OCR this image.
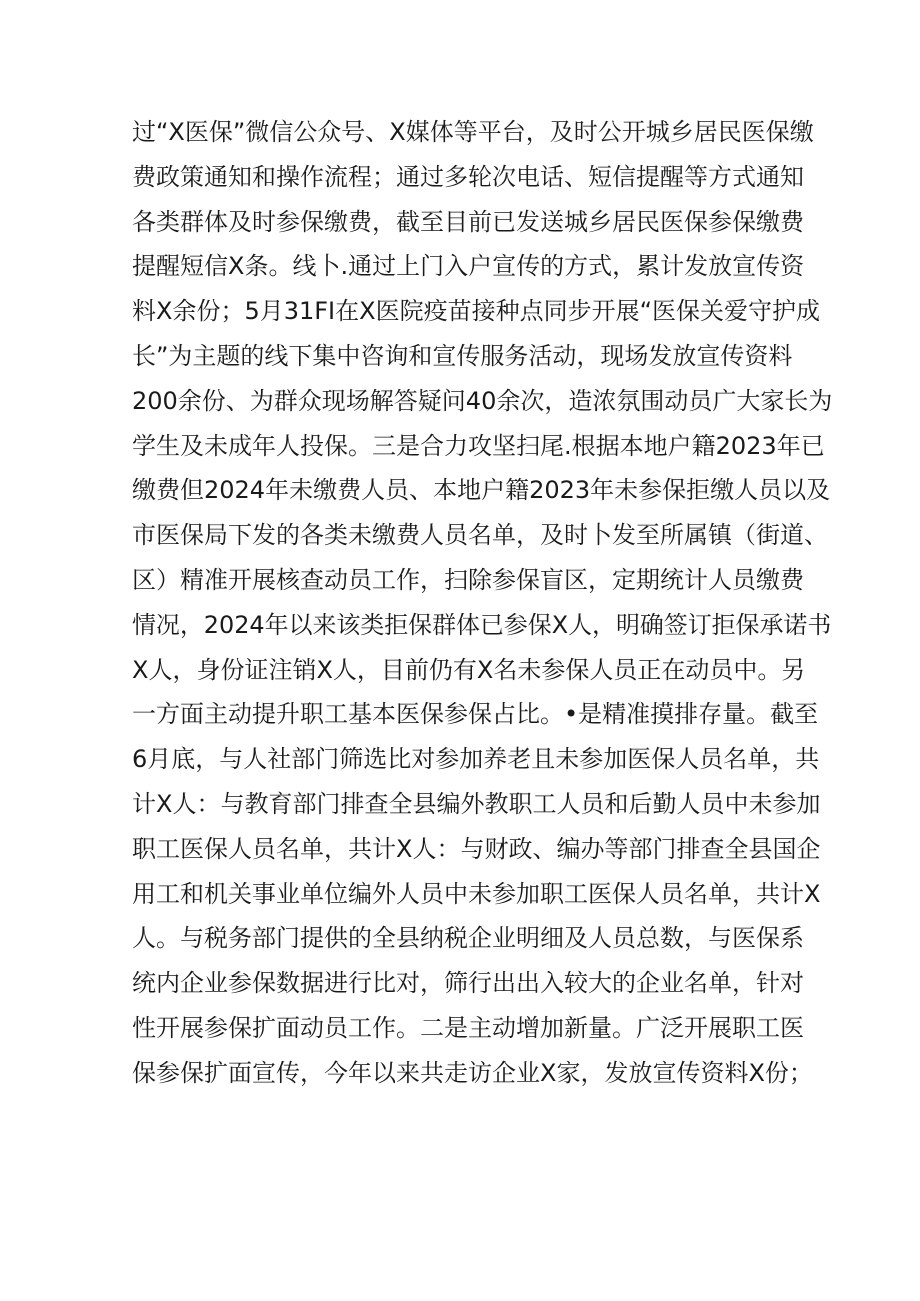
过“X医保”微信公众号、X媒体等平台，及时公开城乡居民医保缴
费政策通知和操作流程；通过多轮次电话、短信提醒等方式通知
各类群体及时参保缴费，截至目前已发送城乡居民医保参保缴费
提醒短信X条。线卜.通过上门入户宣传的方式，累计发放宣传资
料X余份；5月31FI在X医院疫苗接种点同步开展“医保关爱守护成
长”为主题的线下集中咨询和宣传服务活动，现场发放宣传资料
200余份、为群众现场解答疑问40余次，造浓氛围动员广大家长为
学生及未成年人投保。三是合力攻坚扫尾.根据本地户籍2023年已
缴费但2024年未缴费人员、本地户籍2023年未参保拒缴人员以及
市医保局下发的各类未缴费人员名单，及时卜发至所属镇（街道、
区）精准开展核查动员工作，扫除参保盲区，定期统计人员缴费
情况，2024年以来该类拒保群体已参保X人，明确签订拒保承诺书
X人，身份证注销X人，目前仍有X名未参保人员正在动员中。另
一方面主动提升职工基本医保参保占比。•是精准摸排存量。截至
6月底，与人社部门筛选比对参加养老且未参加医保人员名单，共
计X人：与教育部门排查全县编外教职工人员和后勤人员中未参加
职工医保人员名单，共计X人：与财政、编办等部门排查全县国企
用工和机关事业单位编外人员中未参加职工医保人员名单，共计X
人。与税务部门提供的全县纳税企业明细及人员总数，与医保系
统内企业参保数据进行比对，筛行出出入较大的企业名单，针对
性开展参保扩面动员工作。二是主动增加新量。广泛开展职工医
保参保扩面宣传，今年以来共走访企业X家，发放宣传资料X份；
